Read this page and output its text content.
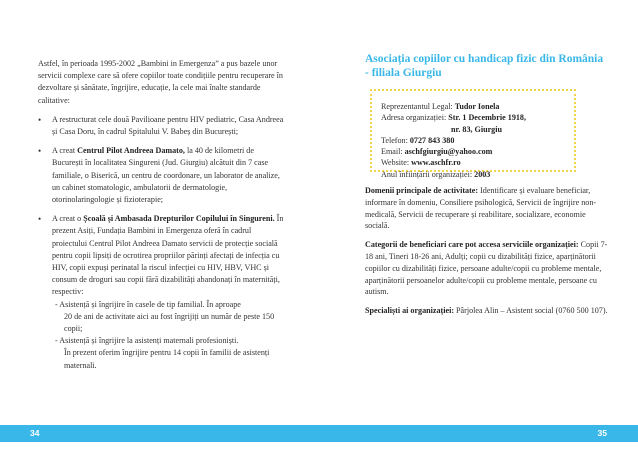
Astfel, în perioada 1995-2002 „Bambini in Emergenza” a pus bazele unor servicii complexe care să ofere copiilor toate condițiile pentru recuperare în dezvoltare și sănătate, îngrijire, educație, la cele mai înalte standarde calitative:

• A restructurat cele două Pavilioane pentru HIV pediatric, Casa Andreea și Casa Doru, în cadrul Spitalului V. Babeș din București;
• A creat Centrul Pilot Andreea Damato, la 40 de kilometri de București în localitatea Singureni (Jud. Giurgiu) alcătuit din 7 case familiale, o Biserică, un centru de coordonare, un laborator de analize, un cabinet stomatologic, ambulatorii de dermatologie, otorinolaringologie și fizioterapie;
• A creat o Școală și Ambasada Drepturilor Copilului în Singureni. În prezent Asiți, Fundația Bambini in Emergenza oferă în cadrul proiectului Centrul Pilot Andreea Damato servicii de protecție socială pentru copii lipsiți de ocrotirea propriilor părinți afectați de infecția cu HIV, copii expuși perinatal la riscul infecției cu HIV, HBV, VHC și consum de droguri sau copii fără dizabilități abandonați în maternități, respectiv:
- Asistență și îngrijire în casele de tip familial. În aproape
20 de ani de activitate aici au fost îngrijiți un număr de peste 150 copii;
- Asistență și îngrijire la asistenți maternali profesioniști.
În prezent oferim îngrijire pentru 14 copii în familii de asistenți maternali.
Asociația copiilor cu handicap fizic din România - filiala Giurgiu

Reprezentantul Legal: Tudor Ionela

Adresa organizației: Str. 1 Decembrie 1918,

nr. 83, Giurgiu

Telefon: 0727 843 380

Email: aschfgiurgiu@yahoo.com

Website: www.aschfr.ro

Anul înființării organizației: 2003

Domenii principale de activitate: Identificare și evaluare beneficiar, informare în domeniu, Consiliere psihologică, Servicii de îngrijire non-medicală, Servicii de recuperare și reabilitare, socializare, economie socială.

Categorii de beneficiari care pot accesa serviciile organizației: Copii 7-18 ani, Tineri 18-26 ani, Adulți; copii cu dizabilități fizice, aparținătorii copiilor cu dizabilități fizice, persoane adulte/copii cu probleme mentale, aparținătorii persoanelor adulte/copii cu probleme mentale, persoane cu autism.

Specialiști ai organizației: Pârjolea Alin – Asistent social (0760 500 107).

34	35
